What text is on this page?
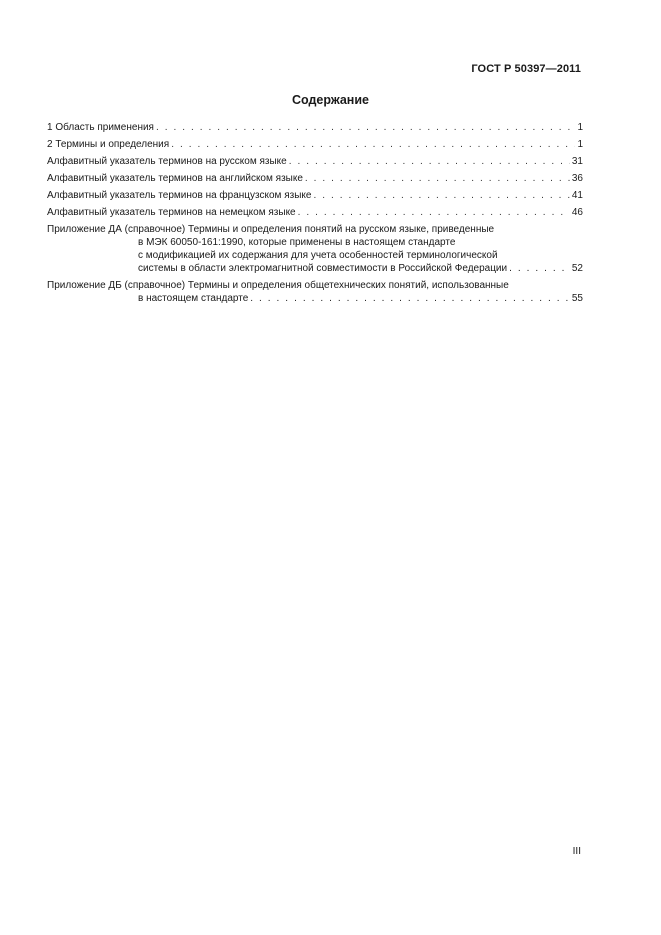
ГОСТ Р 50397—2011
Содержание
1 Область применения . . .	1
2 Термины и определения . . .	1
Алфавитный указатель терминов на русском языке . . .	31
Алфавитный указатель терминов на английском языке . . .	36
Алфавитный указатель терминов на французском языке . . .	41
Алфавитный указатель терминов на немецком языке . . .	46
Приложение ДА (справочное)
Термины и определения понятий на русском языке, приведенные
в МЭК 60050-161:1990, которые применены в настоящем стандарте
с модификацией их содержания для учета особенностей терминологической
системы в области электромагнитной совместимости в Российской Федерации . . .	52
Приложение ДБ (справочное)
Термины и определения общетехнических понятий, использованные
в настоящем стандарте . . .	55
III
